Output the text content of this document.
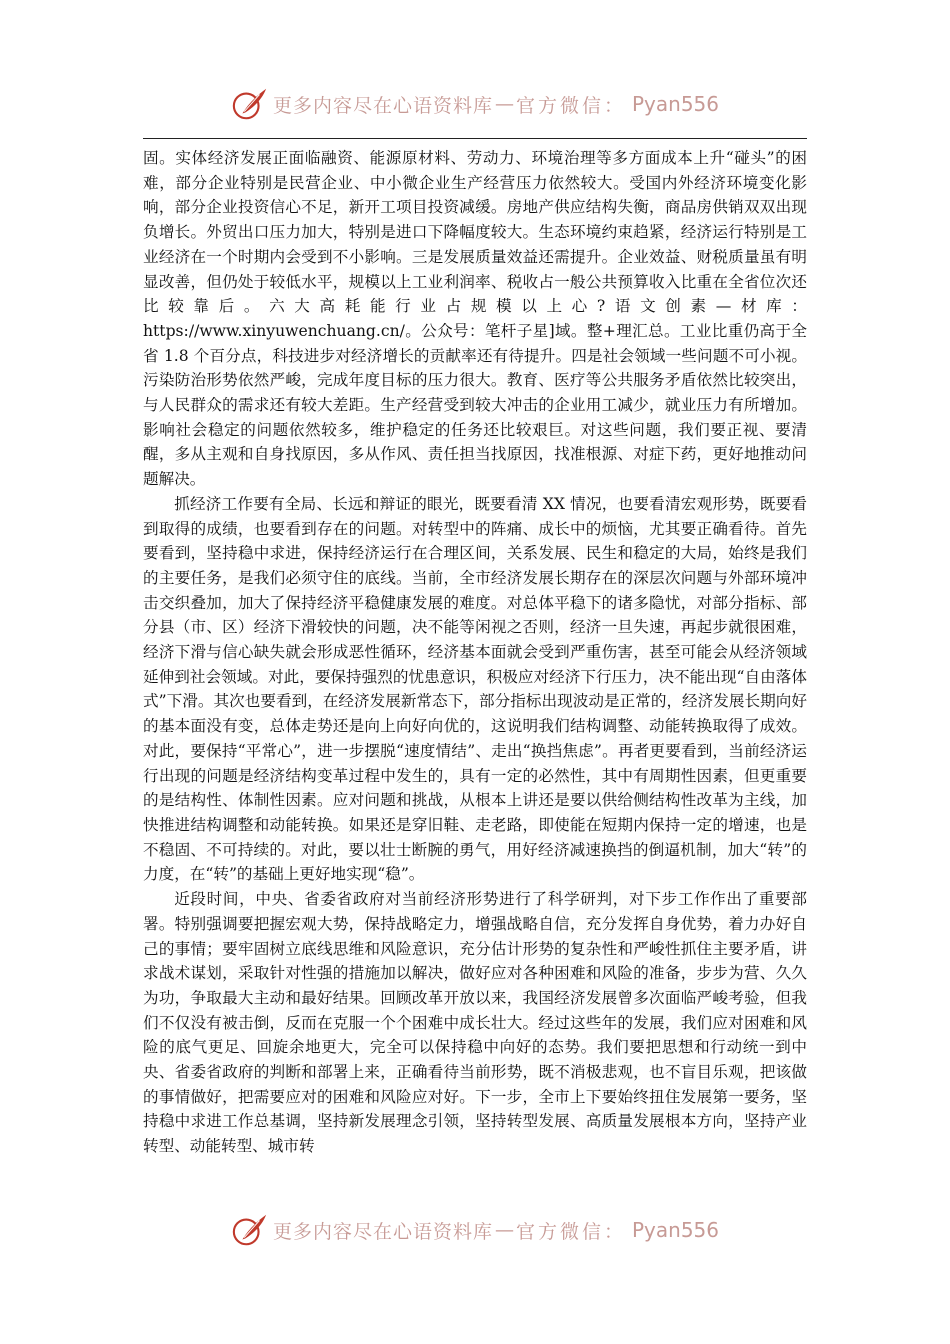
更多内容尽在心语资料库 — 官方微信： Pyan556

固。实体经济发展正面临融资、能源原材料、劳动力、环境治理等多方面成本上升“碰头”的困难，部分企业特别是民营企业、中小微企业生产经营压力依然较大。受国内外经济环境变化影响，部分企业投资信心不足，新开工项目投资减缓。房地产供应结构失衡，商品房供销双双出现负增长。外贸出口压力加大，特别是进口下降幅度较大。生态环境约束趋紧，经济运行特别是工业经济在一个时期内会受到不小影响。三是发展质量效益还需提升。企业效益、财税质量虽有明显改善，但仍处于较低水平，规模以上工业利润率、税收占一般公共预算收入比重在全省位次还比较靠后。六大高耗能行业占规模以上心?语文创素—材库：https://www.xinyuwenchuang.cn/。公众号：笔杆子星]域。整+理汇总。工业比重仍高于全省 1.8 个百分点，科技进步对经济增长的贡献率还有待提升。四是社会领域一些问题不可小视。污染防治形势依然严峻，完成年度目标的压力很大。教育、医疗等公共服务矛盾依然比较突出，与人民群众的需求还有较大差距。生产经营受到较大冲击的企业用工减少，就业压力有所增加。影响社会稳定的问题依然较多，维护稳定的任务还比较艰巨。对这些问题，我们要正视、要清醒，多从主观和自身找原因，多从作风、责任担当找原因，找准根源、对症下药，更好地推动问题解决。

抓经济工作要有全局、长远和辩证的眼光，既要看清 XX 情况，也要看清宏观形势，既要看到取得的成绩，也要看到存在的问题。对转型中的阵痛、成长中的烦恼，尤其要正确看待。首先要看到，坚持稳中求进，保持经济运行在合理区间，关系发展、民生和稳定的大局，始终是我们的主要任务，是我们必须守住的底线。当前，全市经济发展长期存在的深层次问题与外部环境冲击交织叠加，加大了保持经济平稳健康发展的难度。对总体平稳下的诸多隐忧，对部分指标、部分县（市、区）经济下滑较快的问题，决不能等闲视之否则，经济一旦失速，再起步就很困难，经济下滑与信心缺失就会形成恶性循环，经济基本面就会受到严重伤害，甚至可能会从经济领域延伸到社会领域。对此，要保持强烈的忧患意识，积极应对经济下行压力，决不能出现“自由落体式”下滑。其次也要看到，在经济发展新常态下，部分指标出现波动是正常的，经济发展长期向好的基本面没有变，总体走势还是向上向好向优的，这说明我们结构调整、动能转换取得了成效。对此，要保持“平常心”，进一步摆脱“速度情结”、走出“换挡焦虑”。再者更要看到，当前经济运行出现的问题是经济结构变革过程中发生的，具有一定的必然性，其中有周期性因素，但更重要的是结构性、体制性因素。应对问题和挑战，从根本上讲还是要以供给侧结构性改革为主线，加快推进结构调整和动能转换。如果还是穿旧鞋、走老路，即使能在短期内保持一定的增速，也是不稳固、不可持续的。对此，要以壮士断腕的勇气，用好经济减速换挡的倒逼机制，加大“转”的力度，在“转”的基础上更好地实现“稳”。

近段时间，中央、省委省政府对当前经济形势进行了科学研判，对下步工作作出了重要部署。特别强调要把握宏观大势，保持战略定力，增强战略自信，充分发挥自身优势，着力办好自己的事情；要牢固树立底线思维和风险意识，充分估计形势的复杂性和严峻性抓住主要矛盾，讲求战术谋划，采取针对性强的措施加以解决，做好应对各种困难和风险的准备，步步为营、久久为功，争取最大主动和最好结果。回顾改革开放以来，我国经济发展曾多次面临严峻考验，但我们不仅没有被击倒，反而在克服一个个困难中成长壮大。经过这些年的发展，我们应对困难和风险的底气更足、回旋余地更大，完全可以保持稳中向好的态势。我们要把思想和行动统一到中央、省委省政府的判断和部署上来，正确看待当前形势，既不消极悲观，也不盲目乐观，把该做的事情做好，把需要应对的困难和风险应对好。下一步，全市上下要始终扭住发展第一要务，坚持稳中求进工作总基调，坚持新发展理念引领，坚持转型发展、高质量发展根本方向，坚持产业转型、动能转型、城市转

更多内容尽在心语资料库 — 官方微信： Pyan556
